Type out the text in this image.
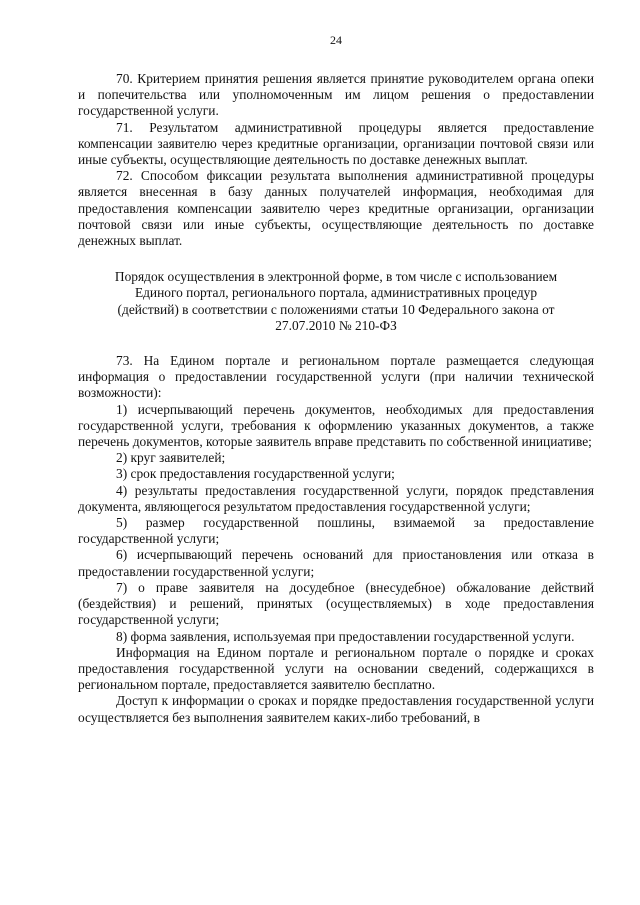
24

70. Критерием принятия решения является принятие руководителем органа опеки и попечительства или уполномоченным им лицом решения о предоставлении государственной услуги.

71. Результатом административной процедуры является предоставление компенсации заявителю через кредитные организации, организации почтовой связи или иные субъекты, осуществляющие деятельность по доставке денежных выплат.

72. Способом фиксации результата выполнения административной процедуры является внесенная в базу данных получателей информация, необходимая для предоставления компенсации заявителю через кредитные организации, организации почтовой связи или иные субъекты, осуществляющие деятельность по доставке денежных выплат.

Порядок осуществления в электронной форме, в том числе с использованием Единого портал, регионального портала, административных процедур (действий) в соответствии с положениями статьи 10 Федерального закона от 27.07.2010 № 210-ФЗ

73. На Едином портале и региональном портале размещается следующая информация о предоставлении государственной услуги (при наличии технической возможности):

1) исчерпывающий перечень документов, необходимых для предоставления государственной услуги, требования к оформлению указанных документов, а также перечень документов, которые заявитель вправе представить по собственной инициативе;

2) круг заявителей;

3) срок предоставления государственной услуги;

4) результаты предоставления государственной услуги, порядок представления документа, являющегося результатом предоставления государственной услуги;

5) размер государственной пошлины, взимаемой за предоставление государственной услуги;

6) исчерпывающий перечень оснований для приостановления или отказа в предоставлении государственной услуги;

7) о праве заявителя на досудебное (внесудебное) обжалование действий (бездействия) и решений, принятых (осуществляемых) в ходе предоставления государственной услуги;

8) форма заявления, используемая при предоставлении государственной услуги.

Информация на Едином портале и региональном портале о порядке и сроках предоставления государственной услуги на основании сведений, содержащихся в региональном портале, предоставляется заявителю бесплатно.

Доступ к информации о сроках и порядке предоставления государственной услуги осуществляется без выполнения заявителем каких-либо требований, в
